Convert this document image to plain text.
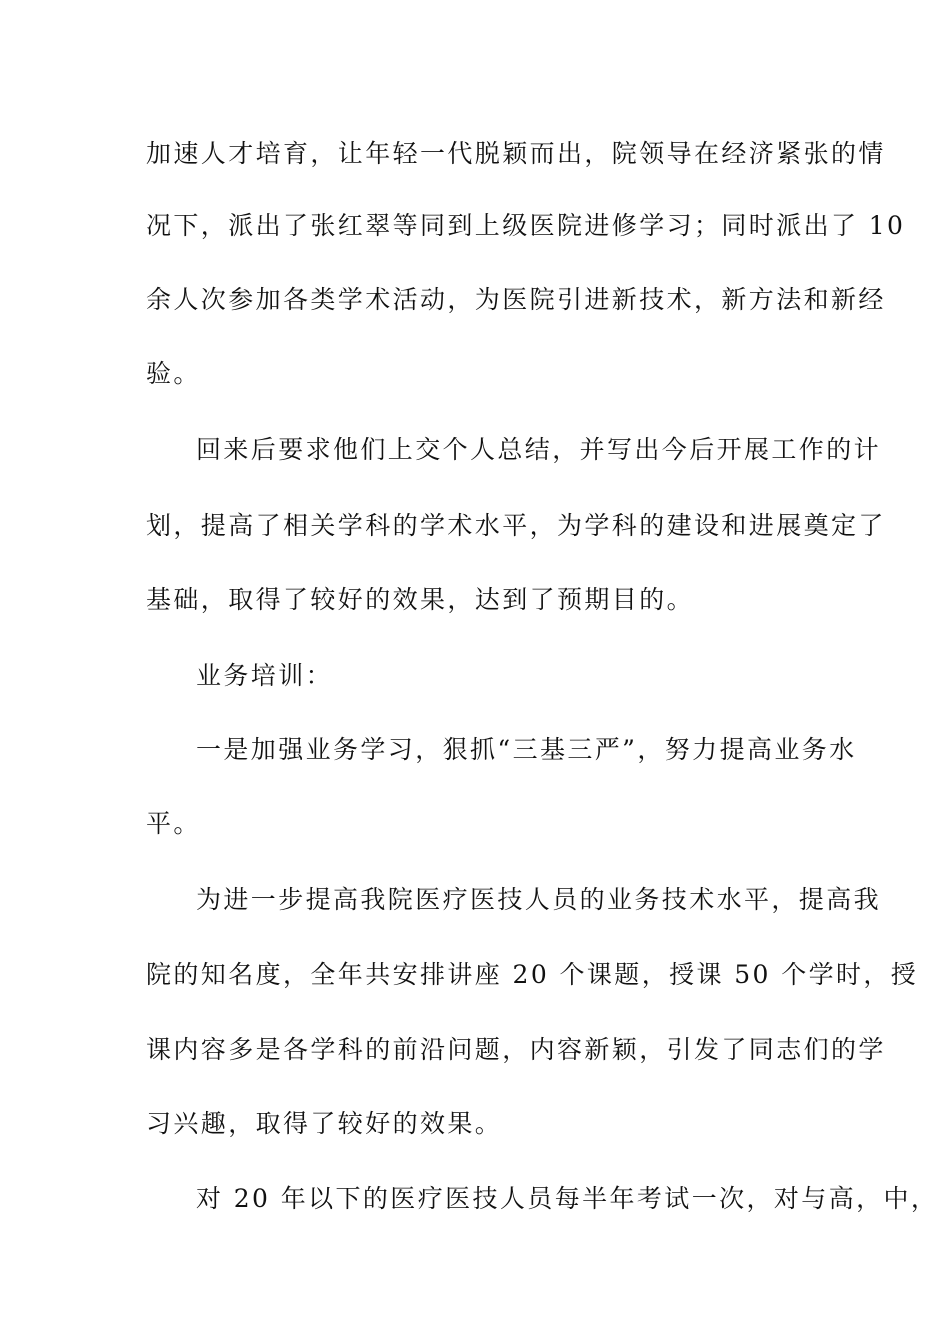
加速人才培育，让年轻一代脱颖而出，院领导在经济紧张的情
况下，派出了张红翠等同到上级医院进修学习；同时派出了 10
余人次参加各类学术活动，为医院引进新技术，新方法和新经
验。
回来后要求他们上交个人总结，并写出今后开展工作的计
划，提高了相关学科的学术水平，为学科的建设和进展奠定了
基础，取得了较好的效果，达到了预期目的。
业务培训：
一是加强业务学习，狠抓“三基三严”，努力提高业务水
平。
为进一步提高我院医疗医技人员的业务技术水平，提高我
院的知名度，全年共安排讲座 20 个课题，授课 50 个学时，授
课内容多是各学科的前沿问题，内容新颖，引发了同志们的学
习兴趣，取得了较好的效果。
对 20 年以下的医疗医技人员每半年考试一次，对与高，中，
